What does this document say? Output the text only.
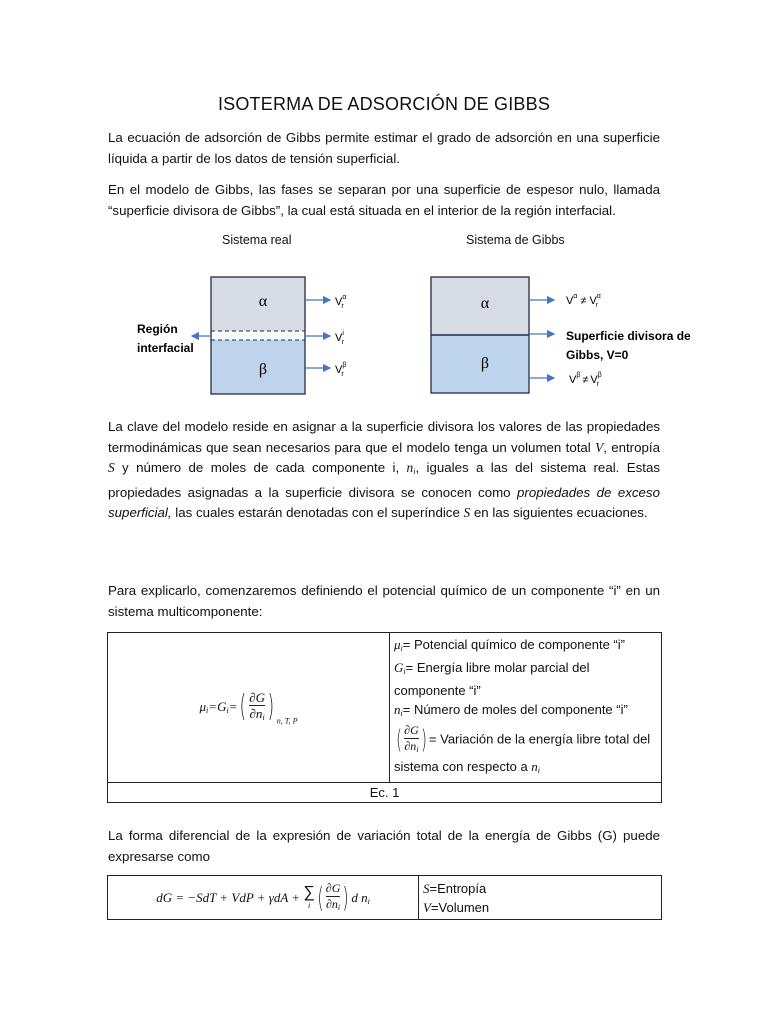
ISOTERMA DE ADSORCIÓN DE GIBBS
La ecuación de adsorción de Gibbs permite estimar el grado de adsorción en una superficie líquida a partir de los datos de tensión superficial.
En el modelo de Gibbs, las fases se separan por una superficie de espesor nulo, llamada “superficie divisora de Gibbs”, la cual está situada en el interior de la región interfacial.
Sistema real	Sistema de Gibbs
α
β
$V^\alpha$ r
$V^i$ r
$V^\beta$ r
Región
interfacial
α
β
$V^\alpha \ne V^\alpha$ r
Superficie divisora de
Gibbs, V=0
$V^\beta \ne V^\beta$ r
La clave del modelo reside en asignar a la superficie divisora los valores de las propiedades termodinámicas que sean necesarios para que el modelo tenga un volumen total V, entropía S y número de moles de cada componente i, $n_i$, iguales a las del sistema real. Estas propiedades asignadas a la superficie divisora se conocen como propiedades de exceso superficial, las cuales estarán denotadas con el superíndice S en las siguientes ecuaciones.
Para explicarlo, comenzaremos definiendo el potencial químico de un componente “i” en un sistema multicomponente:
$\mu_i=G_i=( \frac{\partial G}{\partial n_i}$ ) $_{n, T, P}$	
$\mu_i=$ Potencial químico de componente “i”
$G_i=$ Energía libre molar parcial del componente “i”
$n_i=$ Número de moles del componente “i”
( $\frac{\partial G}{\partial n_i}$ ) = Variación de la energía libre total del sistema con respecto a $n_i$

Ec. 1
La forma diferencial de la expresión de variación total de la energía de Gibbs (G) puede expresarse como
dG = −SdT + VdP + γdA + ∑
i ( $\frac{\partial G}{\partial n_i}$ ) d $n_i$	
S=Entropía
V=Volumen
